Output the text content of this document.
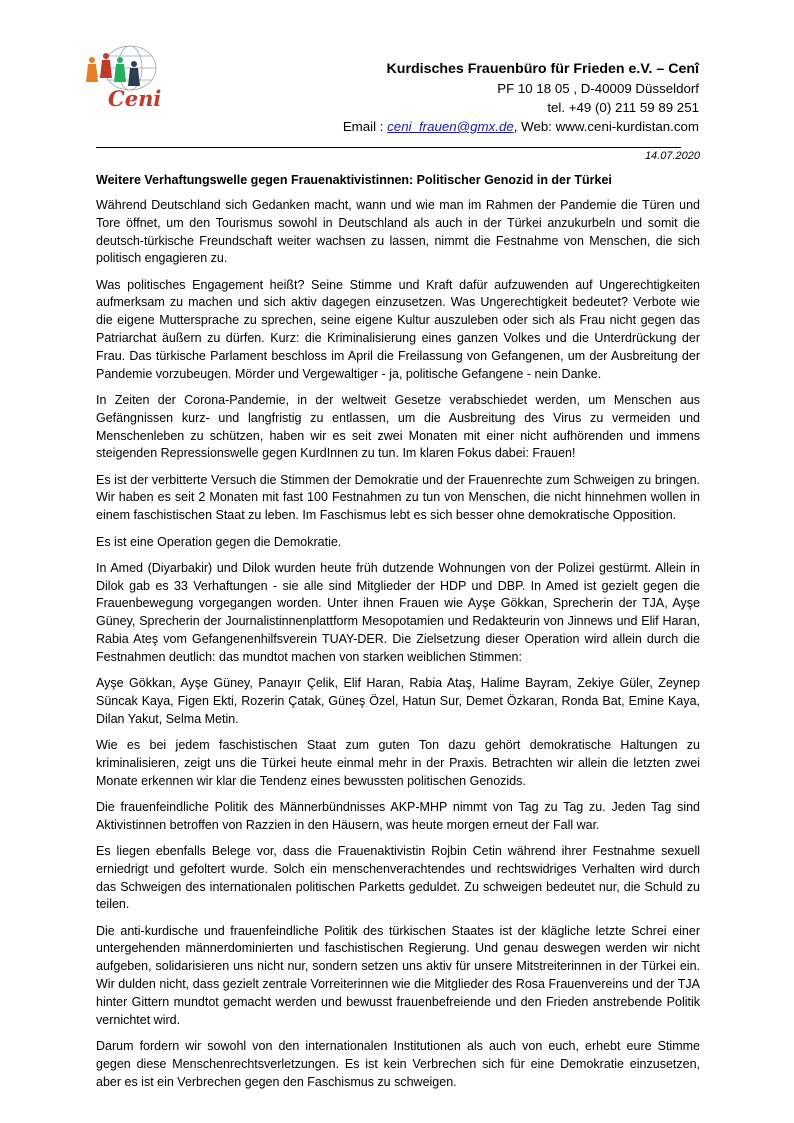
Ceni
Kurdisches Frauenbüro für Frieden e.V. – Cenî
PF 10 18 05 , D-40009 Düsseldorf
tel. +49 (0) 211 59 89 251
Email : ceni_frauen@gmx.de, Web: www.ceni-kurdistan.com
14.07.2020
Weitere Verhaftungswelle gegen Frauenaktivistinnen: Politischer Genozid in der Türkei

Während Deutschland sich Gedanken macht, wann und wie man im Rahmen der Pandemie die Türen und Tore öffnet, um den Tourismus sowohl in Deutschland als auch in der Türkei anzukurbeln und somit die deutsch-türkische Freundschaft weiter wachsen zu lassen, nimmt die Festnahme von Menschen, die sich politisch engagieren zu.

Was politisches Engagement heißt? Seine Stimme und Kraft dafür aufzuwenden auf Ungerechtigkeiten aufmerksam zu machen und sich aktiv dagegen einzusetzen. Was Ungerechtigkeit bedeutet? Verbote wie die eigene Muttersprache zu sprechen, seine eigene Kultur auszuleben oder sich als Frau nicht gegen das Patriarchat äußern zu dürfen. Kurz: die Kriminalisierung eines ganzen Volkes und die Unterdrückung der Frau. Das türkische Parlament beschloss im April die Freilassung von Gefangenen, um der Ausbreitung der Pandemie vorzubeugen. Mörder und Vergewaltiger - ja, politische Gefangene - nein Danke.

In Zeiten der Corona-Pandemie, in der weltweit Gesetze verabschiedet werden, um Menschen aus Gefängnissen kurz- und langfristig zu entlassen, um die Ausbreitung des Virus zu vermeiden und Menschenleben zu schützen, haben wir es seit zwei Monaten mit einer nicht aufhörenden und immens steigenden Repressionswelle gegen KurdInnen zu tun. Im klaren Fokus dabei: Frauen!

Es ist der verbitterte Versuch die Stimmen der Demokratie und der Frauenrechte zum Schweigen zu bringen. Wir haben es seit 2 Monaten mit fast 100 Festnahmen zu tun von Menschen, die nicht hinnehmen wollen in einem faschistischen Staat zu leben. Im Faschismus lebt es sich besser ohne demokratische Opposition.

Es ist eine Operation gegen die Demokratie.

In Amed (Diyarbakir) und Dilok wurden heute früh dutzende Wohnungen von der Polizei gestürmt. Allein in Dilok gab es 33 Verhaftungen - sie alle sind Mitglieder der HDP und DBP. In Amed ist gezielt gegen die Frauenbewegung vorgegangen worden. Unter ihnen Frauen wie Ayşe Gökkan, Sprecherin der TJA, Ayşe Güney, Sprecherin der Journalistinnenplattform Mesopotamien und Redakteurin von Jinnews und Elif Haran, Rabia Ateş vom Gefangenenhilfsverein TUAY-DER. Die Zielsetzung dieser Operation wird allein durch die Festnahmen deutlich: das mundtot machen von starken weiblichen Stimmen:

Ayşe Gökkan, Ayşe Güney, Panayır Çelik, Elif Haran, Rabia Ataş, Halime Bayram, Zekiye Güler, Zeynep Süncak Kaya, Figen Ekti, Rozerin Çatak, Güneş Özel, Hatun Sur, Demet Özkaran, Ronda Bat, Emine Kaya, Dilan Yakut, Selma Metin.

Wie es bei jedem faschistischen Staat zum guten Ton dazu gehört demokratische Haltungen zu kriminalisieren, zeigt uns die Türkei heute einmal mehr in der Praxis. Betrachten wir allein die letzten zwei Monate erkennen wir klar die Tendenz eines bewussten politischen Genozids.

Die frauenfeindliche Politik des Männerbündnisses AKP-MHP nimmt von Tag zu Tag zu. Jeden Tag sind Aktivistinnen betroffen von Razzien in den Häusern, was heute morgen erneut der Fall war.

Es liegen ebenfalls Belege vor, dass die Frauenaktivistin Rojbin Cetin während ihrer Festnahme sexuell erniedrigt und gefoltert wurde. Solch ein menschenverachtendes und rechtswidriges Verhalten wird durch das Schweigen des internationalen politischen Parketts geduldet. Zu schweigen bedeutet nur, die Schuld zu teilen.

Die anti-kurdische und frauenfeindliche Politik des türkischen Staates ist der klägliche letzte Schrei einer untergehenden männerdominierten und faschistischen Regierung. Und genau deswegen werden wir nicht aufgeben, solidarisieren uns nicht nur, sondern setzen uns aktiv für unsere Mitstreiterinnen in der Türkei ein. Wir dulden nicht, dass gezielt zentrale Vorreiterinnen wie die Mitglieder des Rosa Frauenvereins und der TJA hinter Gittern mundtot gemacht werden und bewusst frauenbefreiende und den Frieden anstrebende Politik vernichtet wird.

Darum fordern wir sowohl von den internationalen Institutionen als auch von euch, erhebt eure Stimme gegen diese Menschenrechtsverletzungen. Es ist kein Verbrechen sich für eine Demokratie einzusetzen, aber es ist ein Verbrechen gegen den Faschismus zu schweigen.
